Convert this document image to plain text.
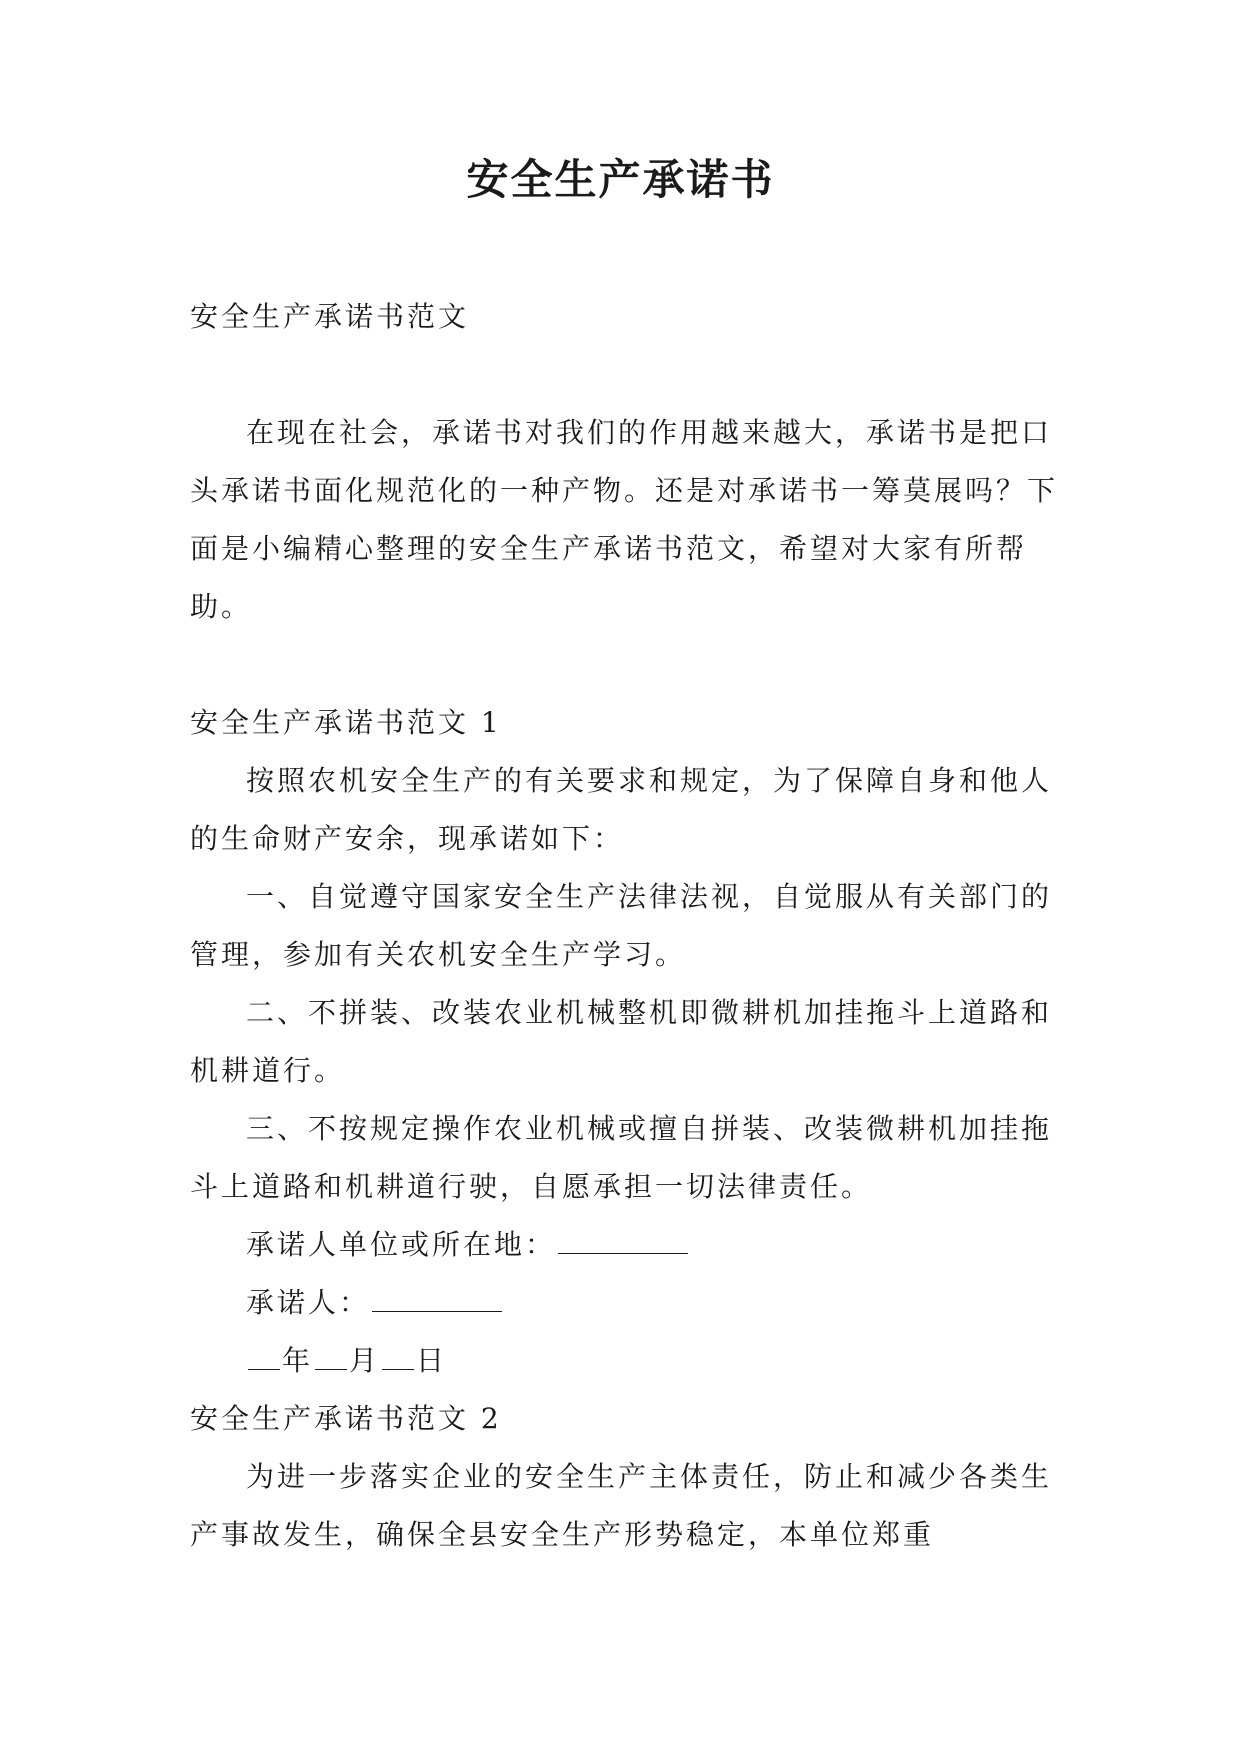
安全生产承诺书

安全生产承诺书范文

在现在社会，承诺书对我们的作用越来越大，承诺书是把口头承诺书面化规范化的一种产物。还是对承诺书一筹莫展吗？下面是小编精心整理的安全生产承诺书范文，希望对大家有所帮助。

安全生产承诺书范文 1

按照农机安全生产的有关要求和规定，为了保障自身和他人的生命财产安余，现承诺如下：

一、自觉遵守国家安全生产法律法视，自觉服从有关部门的管理，参加有关农机安全生产学习。

二、不拼装、改装农业机械整机即微耕机加挂拖斗上道路和机耕道行。

三、不按规定操作农业机械或擅自拼装、改装微耕机加挂拖斗上道路和机耕道行驶，自愿承担一切法律责任。

承诺人单位或所在地：

承诺人：

年 月 日

安全生产承诺书范文 2

为进一步落实企业的安全生产主体责任，防止和减少各类生产事故发生，确保全县安全生产形势稳定，本单位郑重
